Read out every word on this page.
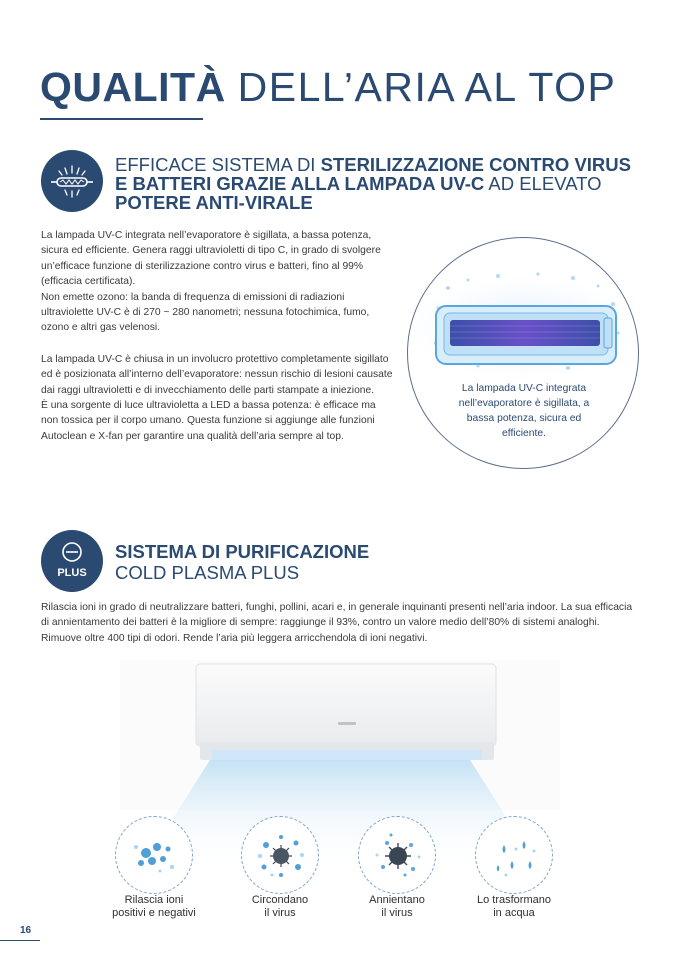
QUALITÀ DELL’ARIA AL TOP
EFFICACE SISTEMA DI STERILIZZAZIONE CONTRO VIRUS E BATTERI GRAZIE ALLA LAMPADA UV-C AD ELEVATO POTERE ANTI-VIRALE

La lampada UV-C integrata nell’evaporatore è sigillata, a bassa potenza, sicura ed efficiente. Genera raggi ultravioletti di tipo C, in grado di svolgere un’efficace funzione di sterilizzazione contro virus e batteri, fino al 99% (efficacia certificata).

Non emette ozono: la banda di frequenza di emissioni di radiazioni ultraviolette UV-C è di 270 ~ 280 nanometri; nessuna fotochimica, fumo, ozono e altri gas velenosi.

La lampada UV-C è chiusa in un involucro protettivo completamente sigillato ed è posizionata all’interno dell’evaporatore: nessun rischio di lesioni causate dai raggi ultravioletti e di invecchiamento delle parti stampate a iniezione.

È una sorgente di luce ultravioletta a LED a bassa potenza: è efficace ma non tossica per il corpo umano. Questa funzione si aggiunge alle funzioni Autoclean e X-fan per garantire una qualità dell’aria sempre al top.

La lampada UV-C integrata nell’evaporatore è sigillata, a bassa potenza, sicura ed efficiente.
PLUS
SISTEMA DI PURIFICAZIONE
COLD PLASMA PLUS
Rilascia ioni in grado di neutralizzare batteri, funghi, pollini, acari e, in generale inquinanti presenti nell’aria indoor. La sua efficacia di annientamento dei batteri è la migliore di sempre: raggiunge il 93%, contro un valore medio dell’80% di sistemi analoghi. Rimuove oltre 400 tipi di odori. Rende l’aria più leggera arricchendola di ioni negativi.
Rilascia ioni
positivi e negativi
Circondano
il virus
Annientano
il virus
Lo trasformano
in acqua
16
